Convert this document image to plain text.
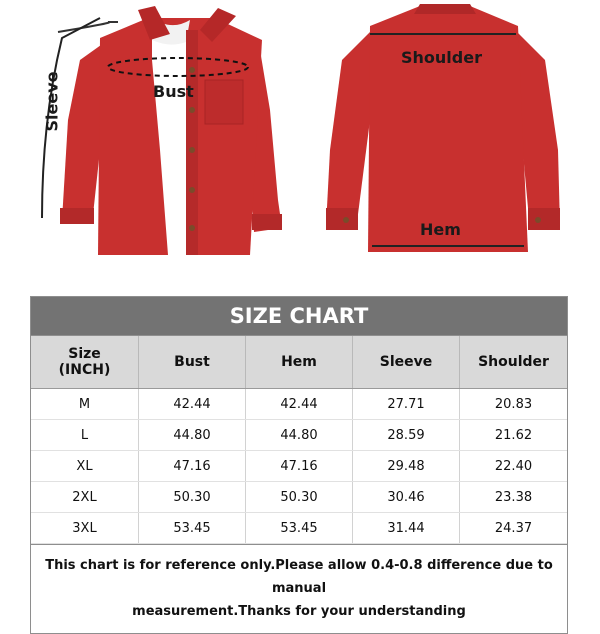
Sleeve	Bust
Shoulder
Hem
SIZE CHART
Size
(INCH)	Bust	Hem	Sleeve	Shoulder
M	42.44	42.44	27.71	20.83
L	44.80	44.80	28.59	21.62
XL	47.16	47.16	29.48	22.40
2XL	50.30	50.30	30.46	23.38
3XL	53.45	53.45	31.44	24.37
This chart is for reference only.Please allow 0.4-0.8 difference due to manual
measurement.Thanks for your understanding
